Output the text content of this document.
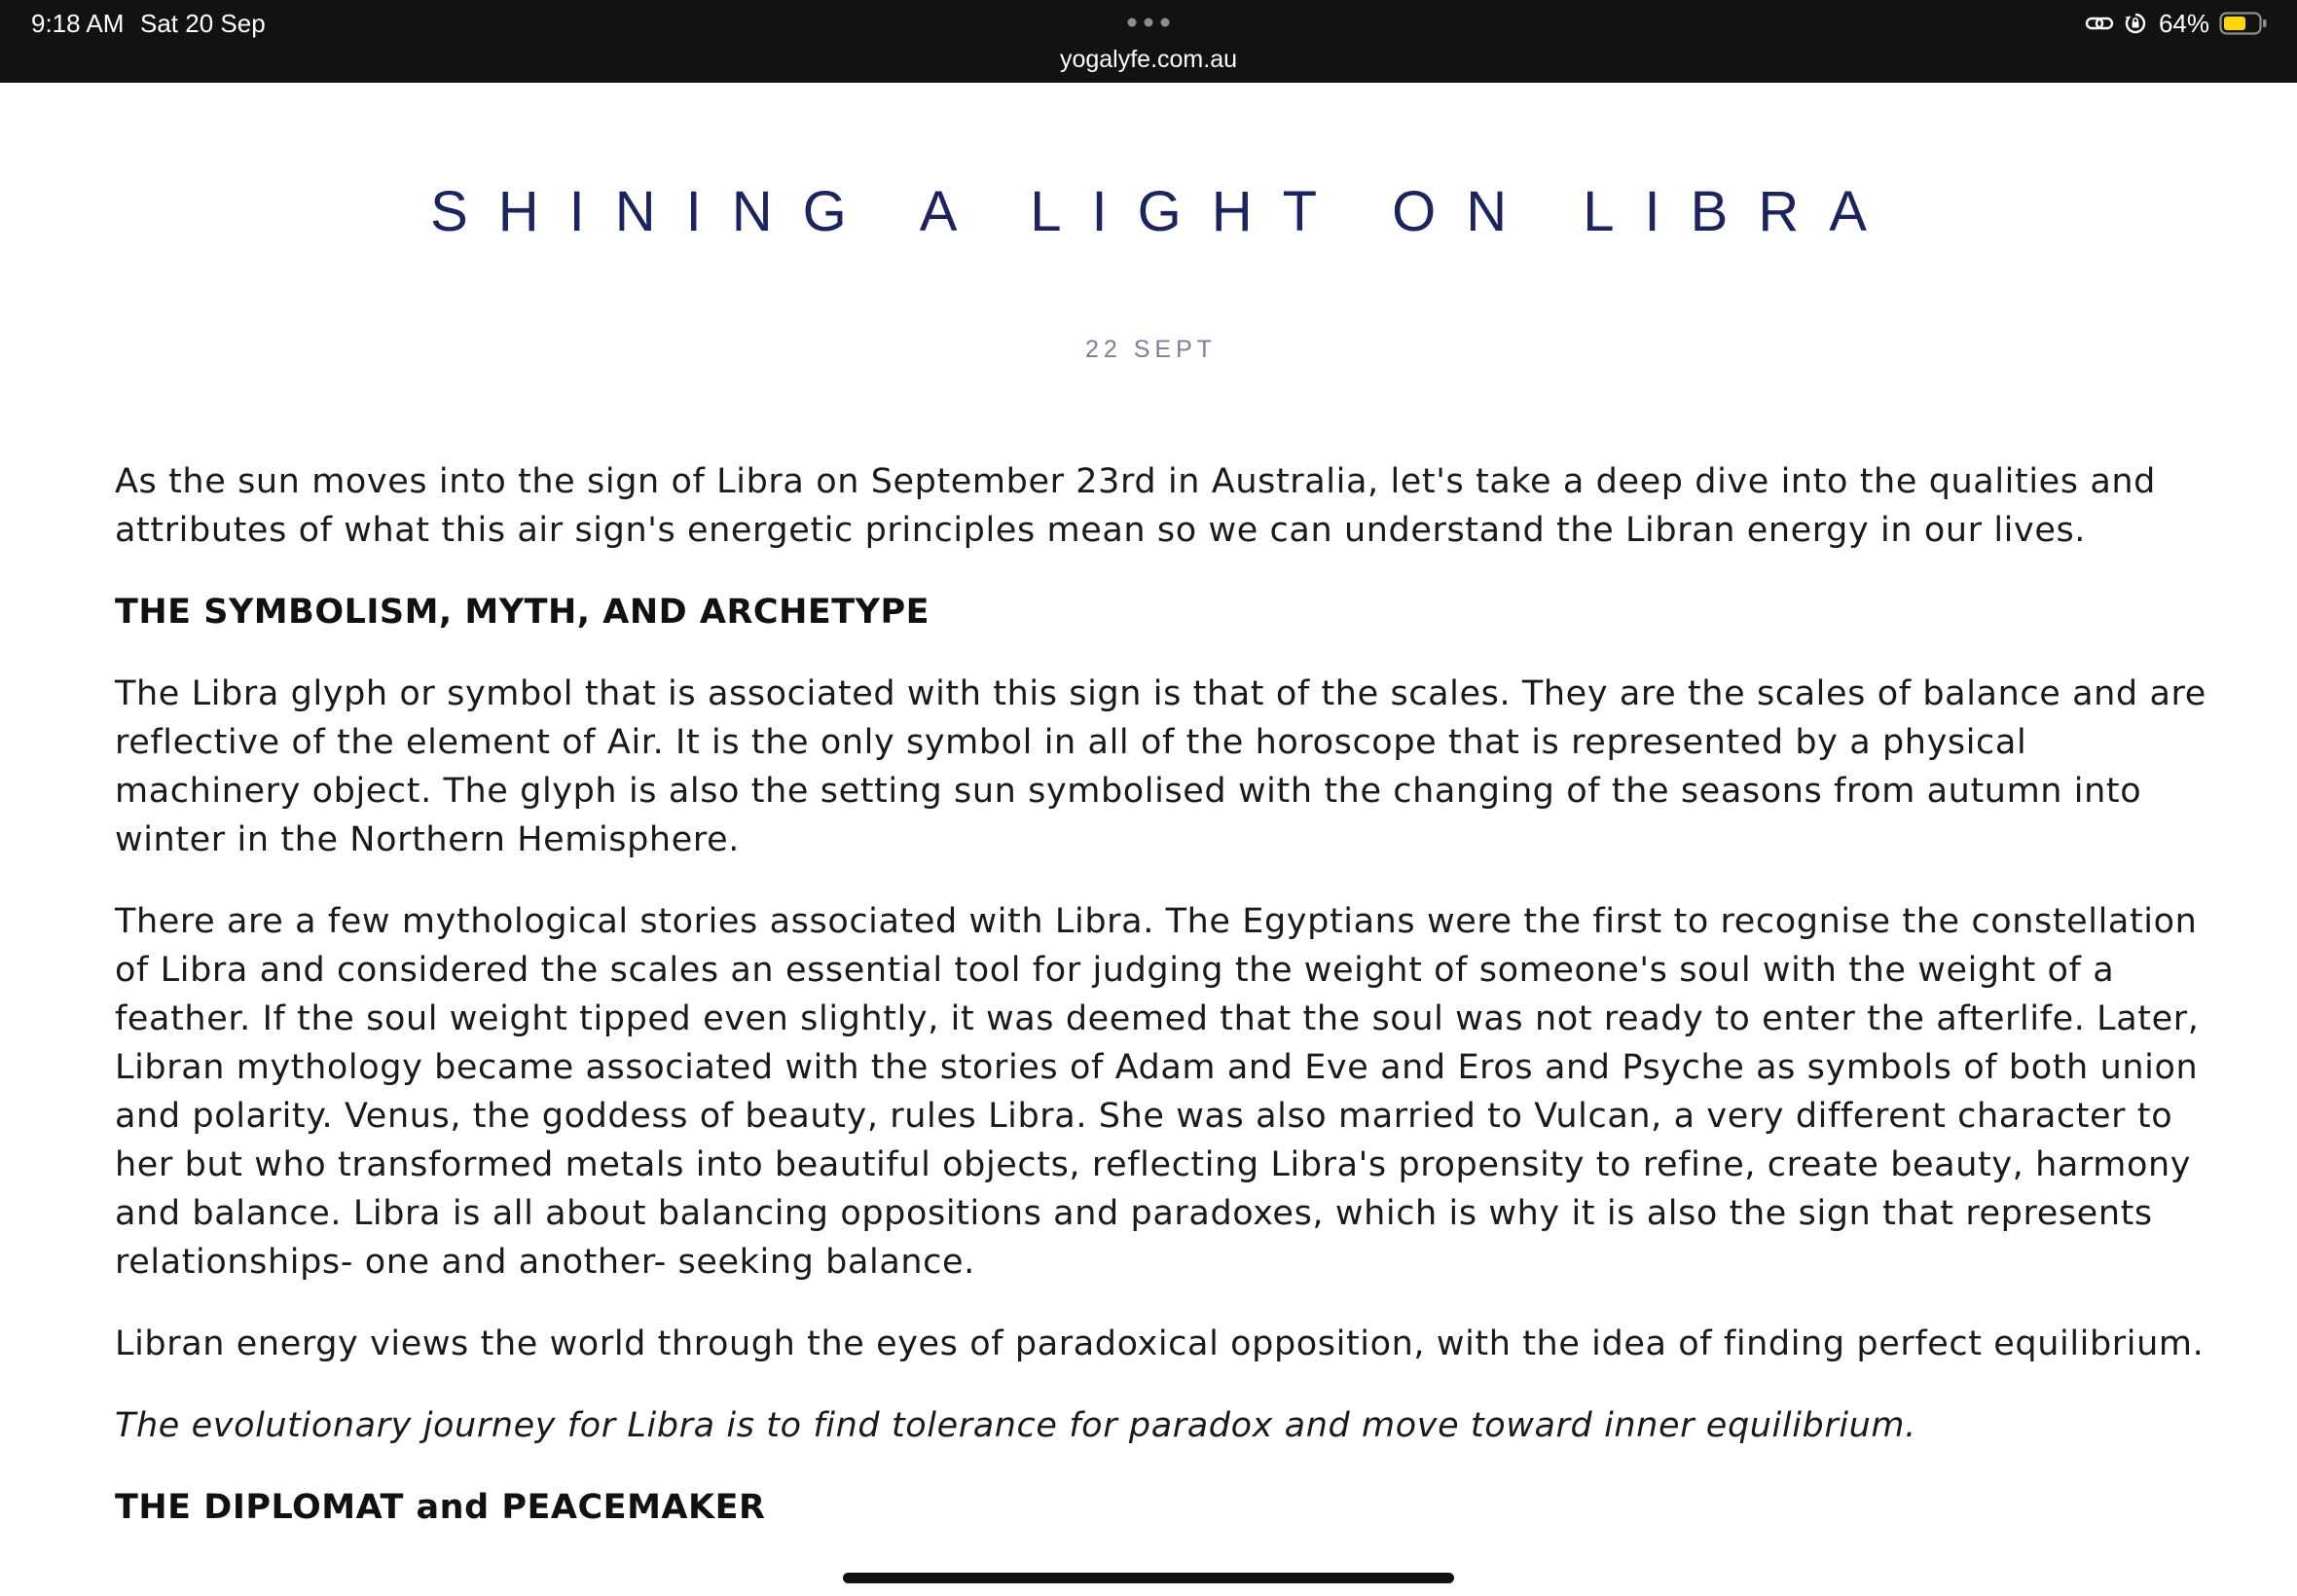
9:18 AM Sat 20 Sep
yogalyfe.com.au
64%
SHINING A LIGHT ON LIBRA
22 SEPT

As the sun moves into the sign of Libra on September 23rd in Australia, let's take a deep dive into the qualities and attributes of what this air sign's energetic principles mean so we can understand the Libran energy in our lives.

THE SYMBOLISM, MYTH, AND ARCHETYPE

The Libra glyph or symbol that is associated with this sign is that of the scales. They are the scales of balance and are reflective of the element of Air. It is the only symbol in all of the horoscope that is represented by a physical machinery object. The glyph is also the setting sun symbolised with the changing of the seasons from autumn into winter in the Northern Hemisphere.

There are a few mythological stories associated with Libra. The Egyptians were the first to recognise the constellation of Libra and considered the scales an essential tool for judging the weight of someone's soul with the weight of a feather. If the soul weight tipped even slightly, it was deemed that the soul was not ready to enter the afterlife. Later, Libran mythology became associated with the stories of Adam and Eve and Eros and Psyche as symbols of both union and polarity. Venus, the goddess of beauty, rules Libra. She was also married to Vulcan, a very different character to her but who transformed metals into beautiful objects, reflecting Libra's propensity to refine, create beauty, harmony and balance. Libra is all about balancing oppositions and paradoxes, which is why it is also the sign that represents relationships- one and another- seeking balance.

Libran energy views the world through the eyes of paradoxical opposition, with the idea of finding perfect equilibrium.

The evolutionary journey for Libra is to find tolerance for paradox and move toward inner equilibrium.

THE DIPLOMAT and PEACEMAKER
